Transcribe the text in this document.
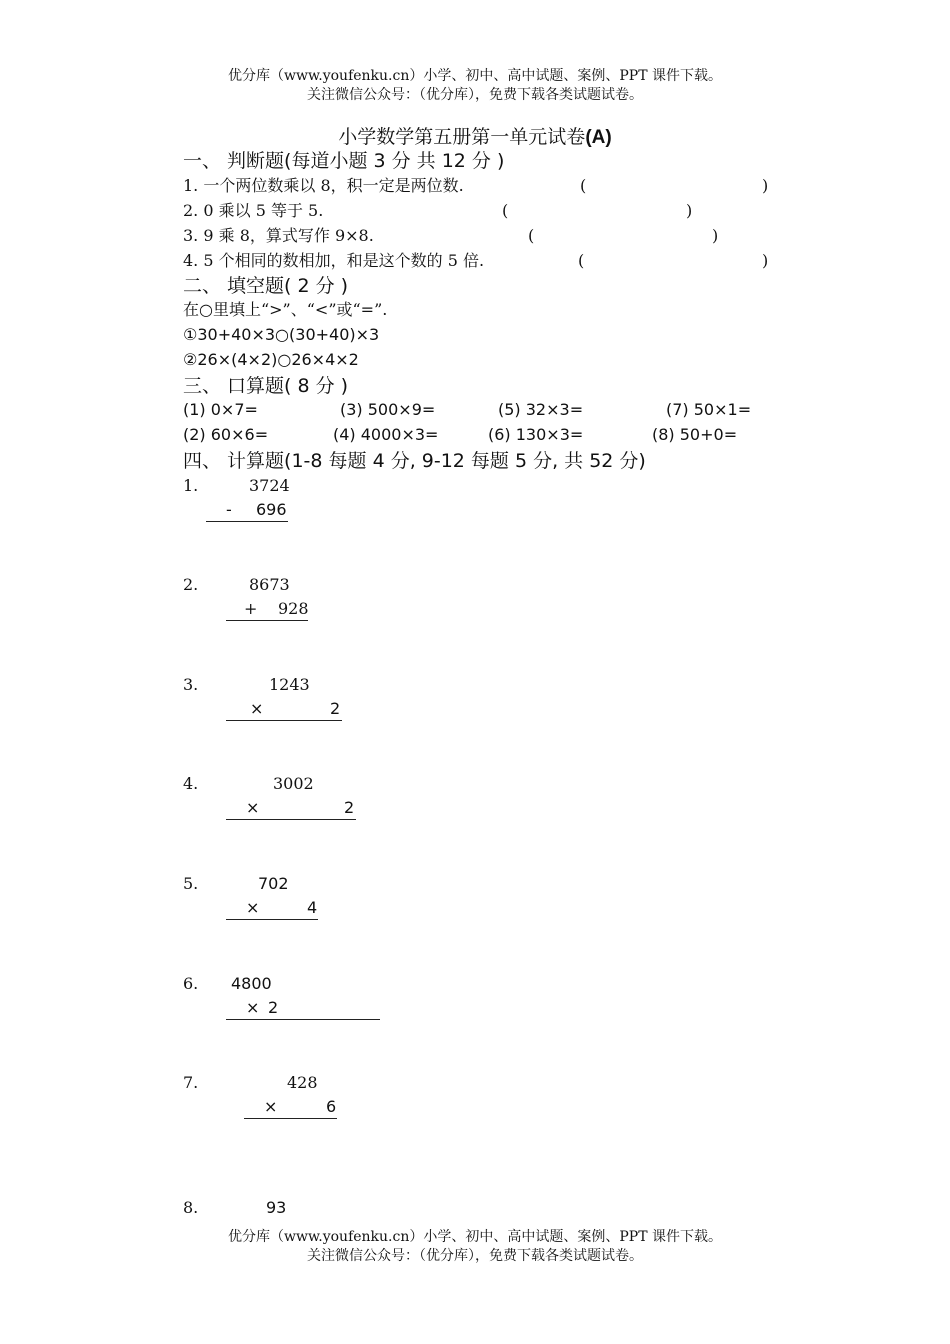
优分库（www.youfenku.cn）小学、初中、高中试题、案例、PPT 课件下载。
关注微信公众号：（优分库），免费下载各类试题试卷。
小学数学第五册第一单元试卷(A)
一、 判断题(每道小题 3 分 共 12 分 )
1. 一个两位数乘以 8，积一定是两位数.	(	)
2. 0 乘以 5 等于 5.	(	)
3. 9 乘 8，算式写作 9×8.	(	)
4. 5 个相同的数相加，和是这个数的 5 倍.	(	)
二、 填空题( 2 分 )
在○里填上“>”、“<”或“=”.
①30+40×3○(30+40)×3
②26×(4×2)○26×4×2
三、 口算题( 8 分 )
(1) 0×7=	(3) 500×9=	(5) 32×3=	(7) 50×1=
(2) 60×6=	(4) 4000×3=	(6) 130×3=	(8) 50+0=
四、 计算题(1-8 每题 4 分, 9-12 每题 5 分, 共 52 分)
1.	3724
- 696
2.	8673
+ 928
3.	1243
×	2
4.	3002
×	2
5.	702
×	4
6. 4800
× 2
7.	428
×	6
8.	93
优分库（www.youfenku.cn）小学、初中、高中试题、案例、PPT 课件下载。
关注微信公众号：（优分库），免费下载各类试题试卷。
